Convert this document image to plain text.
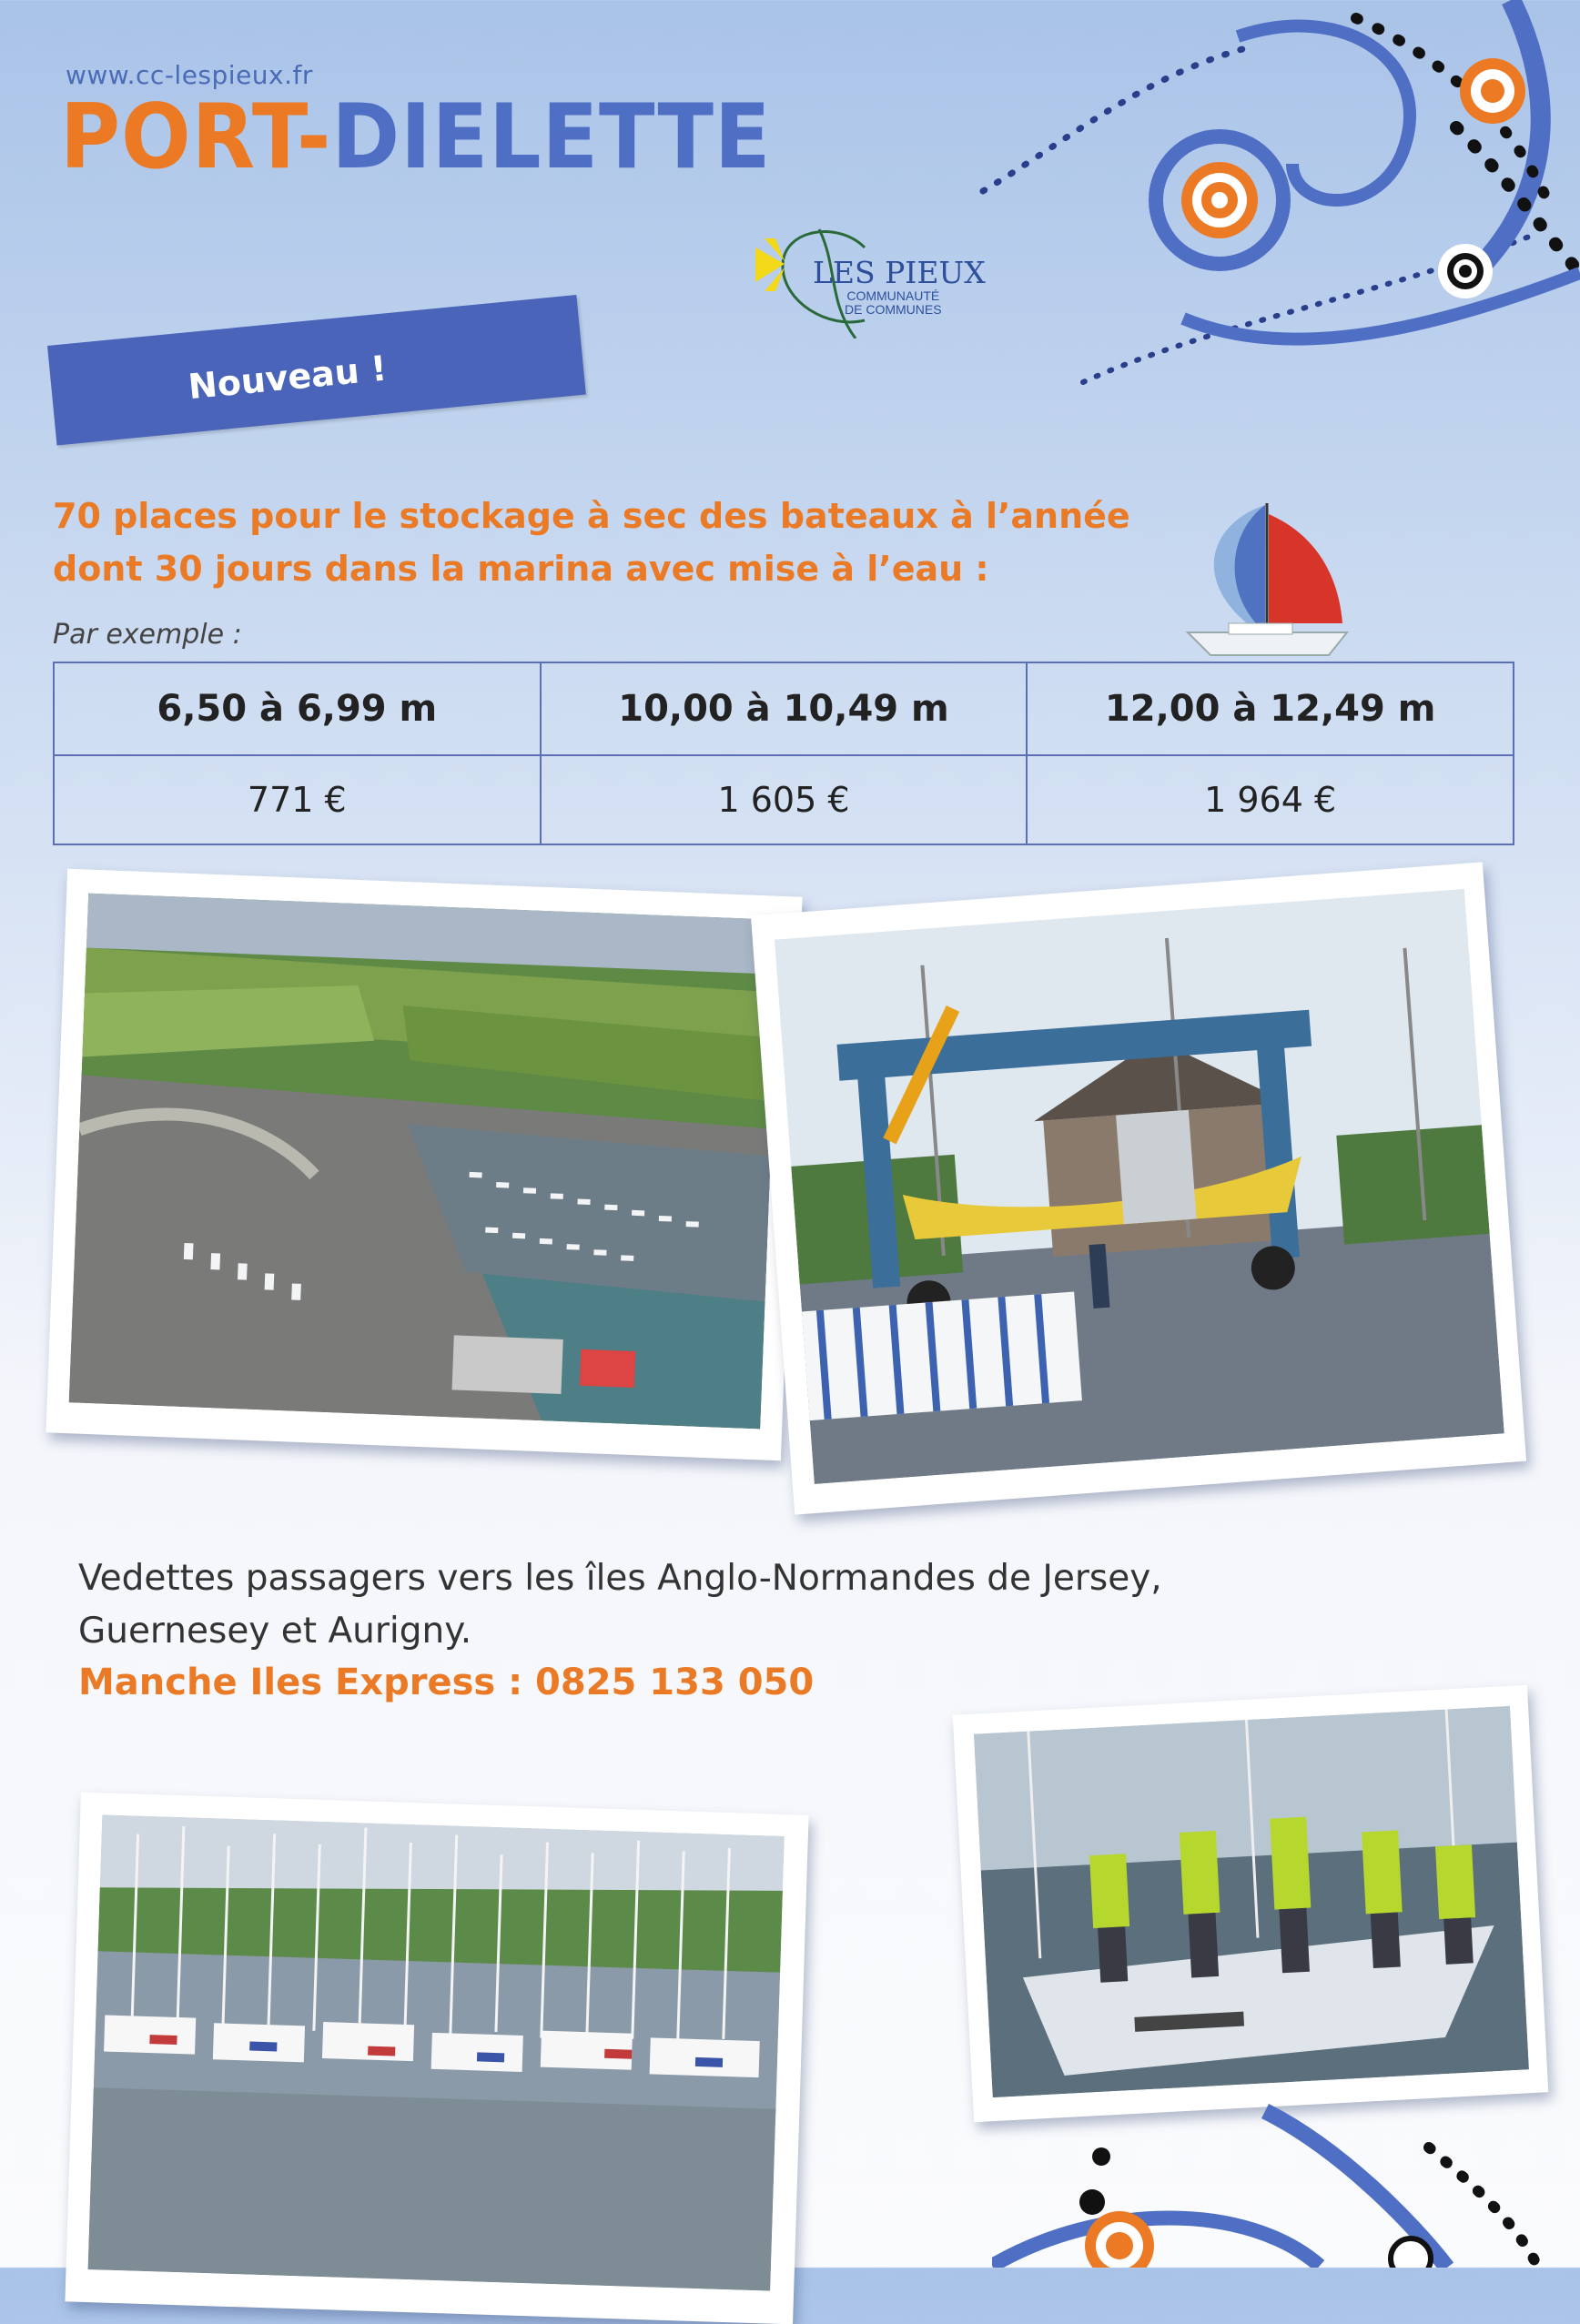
www.cc-lespieux.fr
PORT-DIELETTE
LES PIEUX
COMMUNAUTÉ
DE COMMUNES
Nouveau !
70 places pour le stockage à sec des bateaux à l’année
dont 30 jours dans la marina avec mise à l’eau :
Par exemple :
6,50 à 6,99 m	10,00 à 10,49 m	12,00 à 12,49 m
771 €	1 605 €	1 964 €
Vedettes passagers vers les îles Anglo-Normandes de Jersey,
Guernesey et Aurigny.
Manche Iles Express : 0825 133 050
